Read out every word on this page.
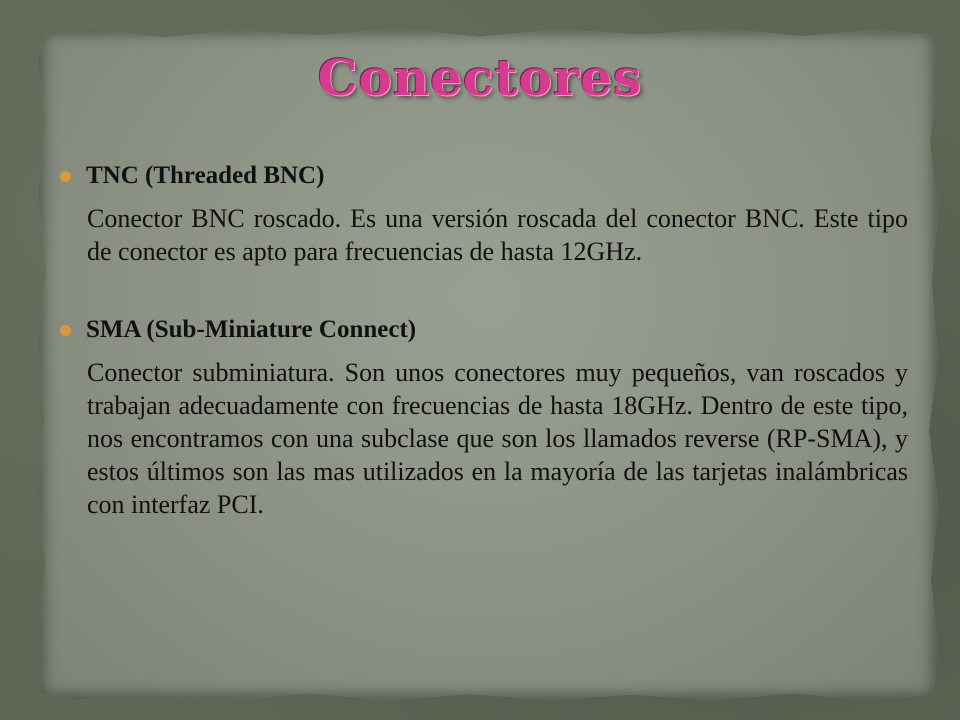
Conectores
TNC (Threaded BNC)

Conector BNC roscado. Es una versión roscada del conector BNC. Este tipo de conector es apto para frecuencias de hasta 12GHz.

SMA (Sub-Miniature Connect)

Conector subminiatura. Son unos conectores muy pequeños, van roscados y trabajan adecuadamente con frecuencias de hasta 18GHz. Dentro de este tipo, nos encontramos con una subclase que son los llamados reverse (RP-SMA), y estos últimos son las mas utilizados en la mayoría de las tarjetas inalámbricas con interfaz PCI.
